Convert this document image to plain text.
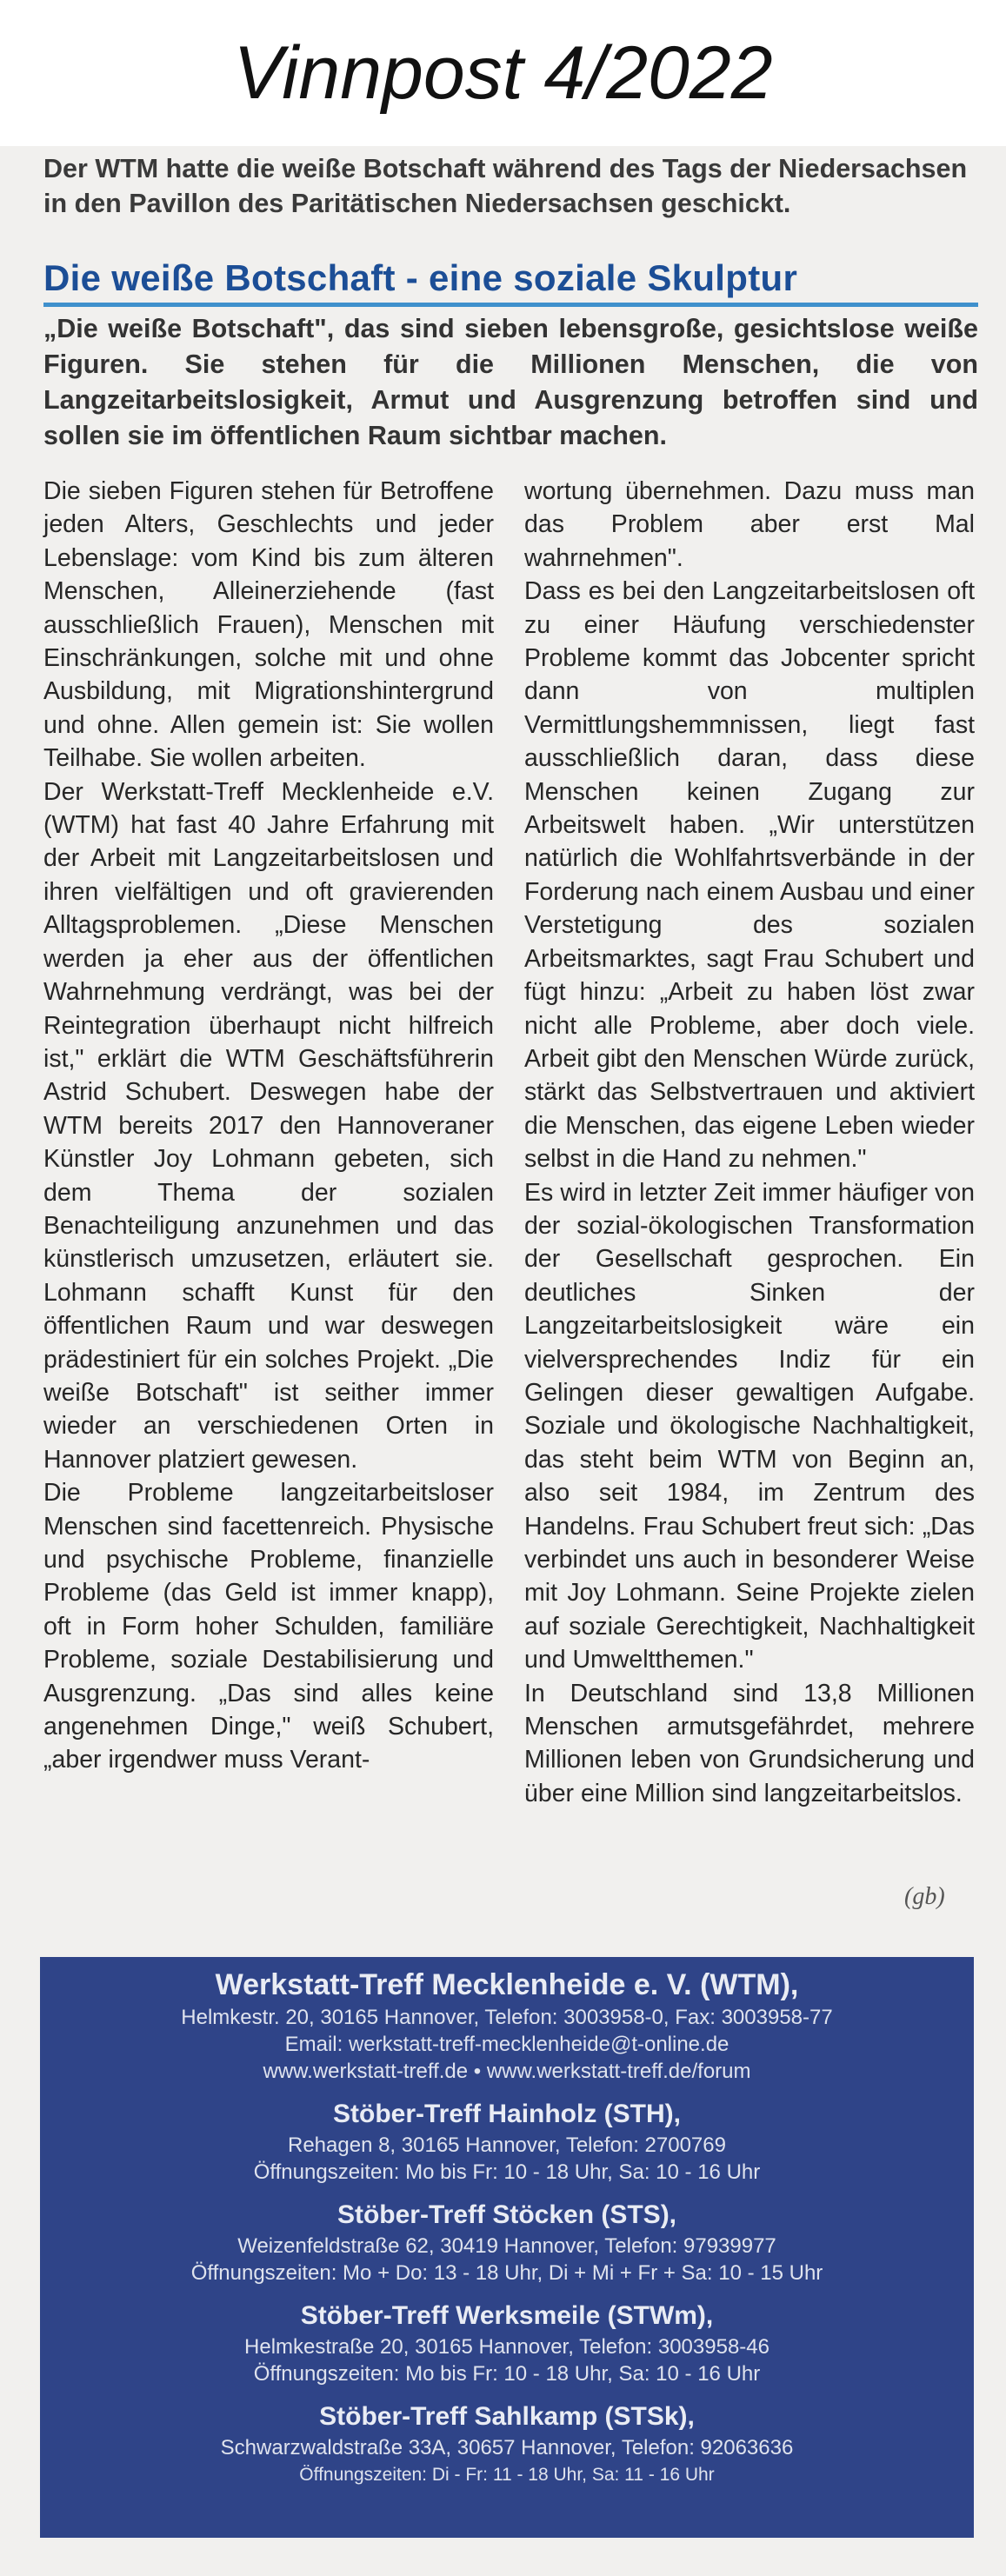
Vinnpost 4/2022

Der WTM hatte die weiße Botschaft während des Tags der Niedersachsen in den Pavillon des Paritätischen Niedersachsen geschickt.

Die weiße Botschaft - eine soziale Skulptur

„Die weiße Botschaft", das sind sieben lebensgroße, gesichtslose weiße Figuren. Sie stehen für die Millionen Menschen, die von Langzeitarbeitslosigkeit, Armut und Ausgrenzung betroffen sind und sollen sie im öffentlichen Raum sichtbar machen.

Die sieben Figuren stehen für Betroffene jeden Alters, Geschlechts und jeder Lebenslage: vom Kind bis zum älteren Menschen, Alleinerziehende (fast ausschließlich Frauen), Menschen mit Einschränkungen, solche mit und ohne Ausbildung, mit Migrationshintergrund und ohne. Allen gemein ist: Sie wollen Teilhabe. Sie wollen arbeiten.

Der Werkstatt-Treff Mecklenheide e.V. (WTM) hat fast 40 Jahre Erfahrung mit der Arbeit mit Langzeitarbeitslosen und ihren vielfältigen und oft gravierenden Alltagsproblemen. „Diese Menschen werden ja eher aus der öffentlichen Wahrnehmung verdrängt, was bei der Reintegration überhaupt nicht hilfreich ist," erklärt die WTM Geschäftsführerin Astrid Schubert. Deswegen habe der WTM bereits 2017 den Hannoveraner Künstler Joy Lohmann gebeten, sich dem Thema der sozialen Benachteiligung anzunehmen und das künstlerisch umzusetzen, erläutert sie. Lohmann schafft Kunst für den öffentlichen Raum und war deswegen prädestiniert für ein solches Projekt. „Die weiße Botschaft" ist seither immer wieder an verschiedenen Orten in Hannover platziert gewesen.

Die Probleme langzeitarbeitsloser Menschen sind facettenreich. Physische und psychische Probleme, finanzielle Probleme (das Geld ist immer knapp), oft in Form hoher Schulden, familiäre Probleme, soziale Destabilisierung und Ausgrenzung. „Das sind alles keine angenehmen Dinge," weiß Schubert, „aber irgendwer muss Verant-

wortung übernehmen. Dazu muss man das Problem aber erst Mal wahrnehmen".

Dass es bei den Langzeitarbeitslosen oft zu einer Häufung verschiedenster Probleme kommt das Jobcenter spricht dann von multiplen Vermittlungshemmnissen, liegt fast ausschließlich daran, dass diese Menschen keinen Zugang zur Arbeitswelt haben. „Wir unterstützen natürlich die Wohlfahrtsverbände in der Forderung nach einem Ausbau und einer Verstetigung des sozialen Arbeitsmarktes, sagt Frau Schubert und fügt hinzu: „Arbeit zu haben löst zwar nicht alle Probleme, aber doch viele. Arbeit gibt den Menschen Würde zurück, stärkt das Selbstvertrauen und aktiviert die Menschen, das eigene Leben wieder selbst in die Hand zu nehmen."

Es wird in letzter Zeit immer häufiger von der sozial-ökologischen Transformation der Gesellschaft gesprochen. Ein deutliches Sinken der Langzeitarbeitslosigkeit wäre ein vielversprechendes Indiz für ein Gelingen dieser gewaltigen Aufgabe. Soziale und ökologische Nachhaltigkeit, das steht beim WTM von Beginn an, also seit 1984, im Zentrum des Handelns. Frau Schubert freut sich: „Das verbindet uns auch in besonderer Weise mit Joy Lohmann. Seine Projekte zielen auf soziale Gerechtigkeit, Nachhaltigkeit und Umweltthemen."

In Deutschland sind 13,8 Millionen Menschen armutsgefährdet, mehrere Millionen leben von Grundsicherung und über eine Million sind langzeitarbeitslos.

(gb)

Werkstatt-Treff Mecklenheide e. V. (WTM),

Helmkestr. 20, 30165 Hannover, Telefon: 3003958-0, Fax: 3003958-77

Email: werkstatt-treff-mecklenheide@t-online.de

www.werkstatt-treff.de • www.werkstatt-treff.de/forum

Stöber-Treff Hainholz (STH),

Rehagen 8, 30165 Hannover, Telefon: 2700769

Öffnungszeiten: Mo bis Fr: 10 - 18 Uhr, Sa: 10 - 16 Uhr

Stöber-Treff Stöcken (STS),

Weizenfeldstraße 62, 30419 Hannover, Telefon: 97939977

Öffnungszeiten: Mo + Do: 13 - 18 Uhr, Di + Mi + Fr + Sa: 10 - 15 Uhr

Stöber-Treff Werksmeile (STWm),

Helmkestraße 20, 30165 Hannover, Telefon: 3003958-46

Öffnungszeiten: Mo bis Fr: 10 - 18 Uhr, Sa: 10 - 16 Uhr

Stöber-Treff Sahlkamp (STSk),

Schwarzwaldstraße 33A, 30657 Hannover, Telefon: 92063636

Öffnungszeiten: Di - Fr: 11 - 18 Uhr, Sa: 11 - 16 Uhr
